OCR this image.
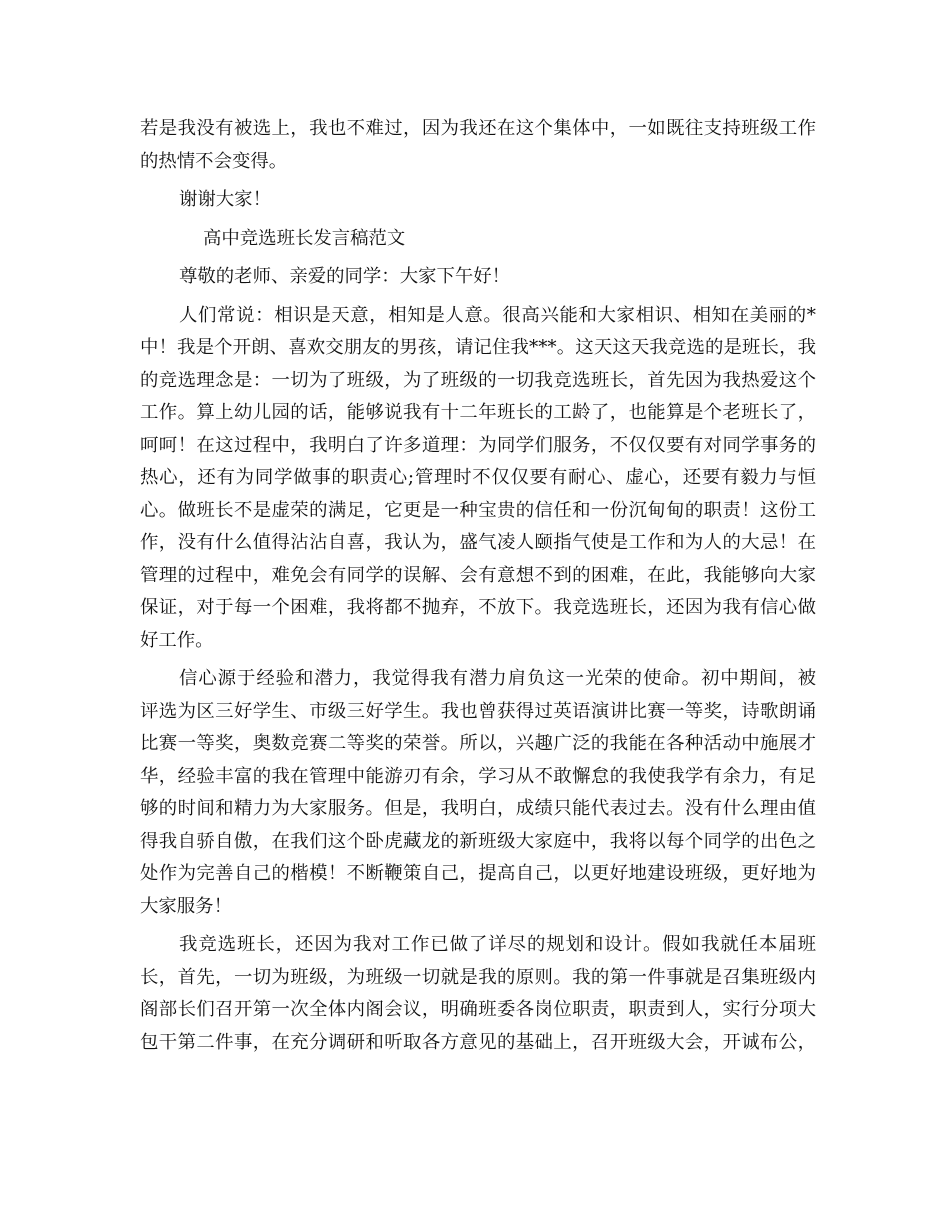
若是我没有被选上，我也不难过，因为我还在这个集体中，一如既往支持班级工作
的热情不会变得。
谢谢大家！
高中竞选班长发言稿范文
尊敬的老师、亲爱的同学：大家下午好！
人们常说：相识是天意，相知是人意。很高兴能和大家相识、相知在美丽的*
中！我是个开朗、喜欢交朋友的男孩，请记住我***。这天这天我竞选的是班长，我
的竞选理念是：一切为了班级，为了班级的一切我竞选班长，首先因为我热爱这个
工作。算上幼儿园的话，能够说我有十二年班长的工龄了，也能算是个老班长了，
呵呵！在这过程中，我明白了许多道理：为同学们服务，不仅仅要有对同学事务的
热心，还有为同学做事的职责心;管理时不仅仅要有耐心、虚心，还要有毅力与恒
心。做班长不是虚荣的满足，它更是一种宝贵的信任和一份沉甸甸的职责！这份工
作，没有什么值得沾沾自喜，我认为，盛气凌人颐指气使是工作和为人的大忌！在
管理的过程中，难免会有同学的误解、会有意想不到的困难，在此，我能够向大家
保证，对于每一个困难，我将都不抛弃，不放下。我竞选班长，还因为我有信心做
好工作。
信心源于经验和潜力，我觉得我有潜力肩负这一光荣的使命。初中期间，被
评选为区三好学生、市级三好学生。我也曾获得过英语演讲比赛一等奖，诗歌朗诵
比赛一等奖，奥数竞赛二等奖的荣誉。所以，兴趣广泛的我能在各种活动中施展才
华，经验丰富的我在管理中能游刃有余，学习从不敢懈怠的我使我学有余力，有足
够的时间和精力为大家服务。但是，我明白，成绩只能代表过去。没有什么理由值
得我自骄自傲，在我们这个卧虎藏龙的新班级大家庭中，我将以每个同学的出色之
处作为完善自己的楷模！不断鞭策自己，提高自己，以更好地建设班级，更好地为
大家服务！
我竞选班长，还因为我对工作已做了详尽的规划和设计。假如我就任本届班
长，首先，一切为班级，为班级一切就是我的原则。我的第一件事就是召集班级内
阁部长们召开第一次全体内阁会议，明确班委各岗位职责，职责到人，实行分项大
包干第二件事，在充分调研和听取各方意见的基础上，召开班级大会，开诚布公，
